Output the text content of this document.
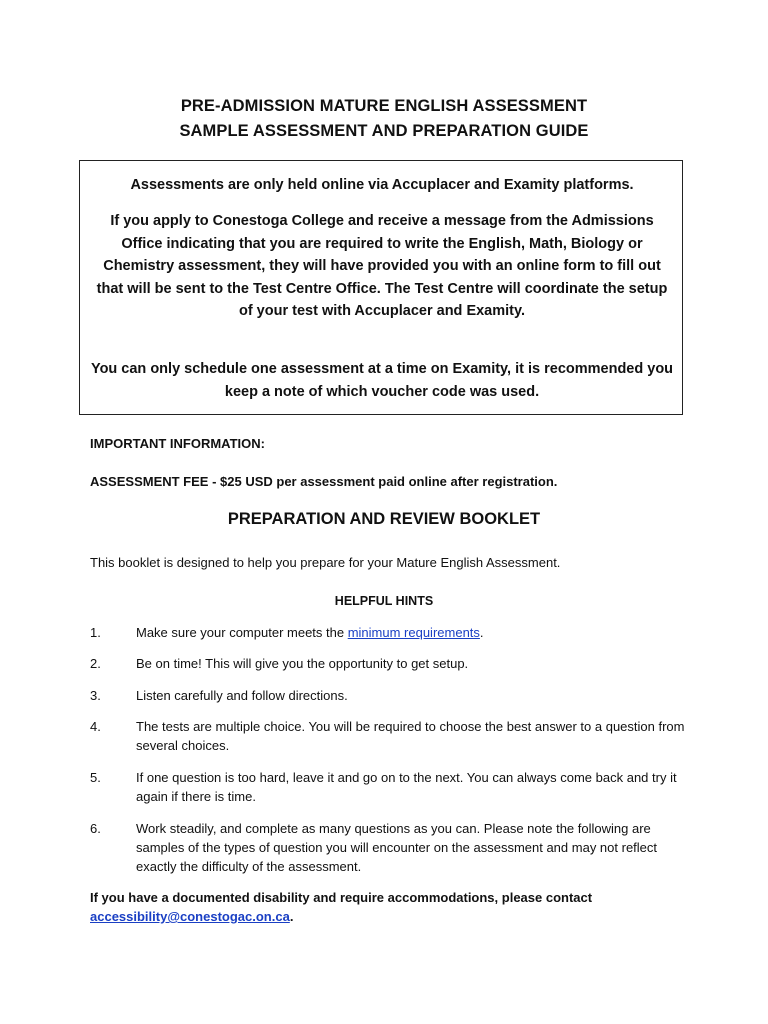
PRE-ADMISSION MATURE ENGLISH ASSESSMENT
SAMPLE ASSESSMENT AND PREPARATION GUIDE
Assessments are only held online via Accuplacer and Examity platforms.
If you apply to Conestoga College and receive a message from the Admissions Office indicating that you are required to write the English, Math, Biology or Chemistry assessment, they will have provided you with an online form to fill out that will be sent to the Test Centre Office. The Test Centre will coordinate the setup of your test with Accuplacer and Examity.
You can only schedule one assessment at a time on Examity, it is recommended you keep a note of which voucher code was used.
IMPORTANT INFORMATION:
ASSESSMENT FEE - $25 USD per assessment paid online after registration.
PREPARATION AND REVIEW BOOKLET
This booklet is designed to help you prepare for your Mature English Assessment.
HELPFUL HINTS
1.	Make sure your computer meets the minimum requirements.
2.	Be on time! This will give you the opportunity to get setup.
3.	Listen carefully and follow directions.
4.	The tests are multiple choice. You will be required to choose the best answer to a question from several choices.
5.	If one question is too hard, leave it and go on to the next. You can always come back and try it again if there is time.
6.	Work steadily, and complete as many questions as you can. Please note the following are samples of the types of question you will encounter on the assessment and may not reflect exactly the difficulty of the assessment.
If you have a documented disability and require accommodations, please contact
accessibility@conestogac.on.ca.
